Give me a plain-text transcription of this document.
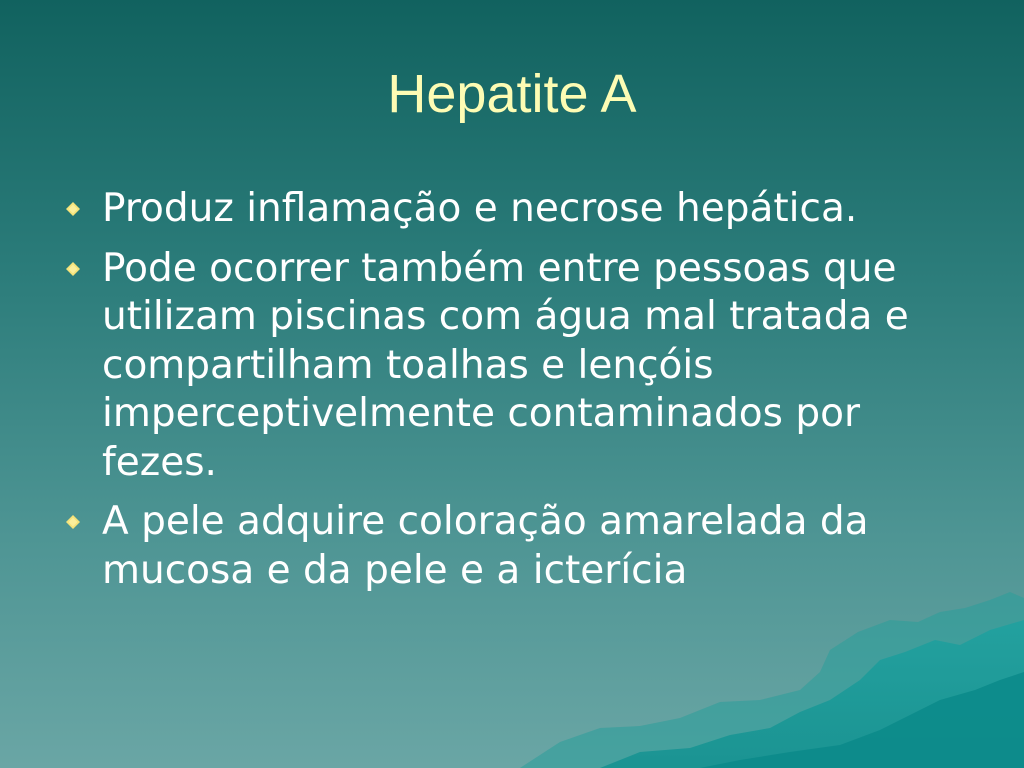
Hepatite A
Produz inflamação e necrose hepática.
Pode ocorrer também entre pessoas que utilizam piscinas com água mal tratada e compartilham toalhas e lençóis imperceptivelmente contaminados por fezes.
A pele adquire coloração amarelada da mucosa e da pele e a icterícia
